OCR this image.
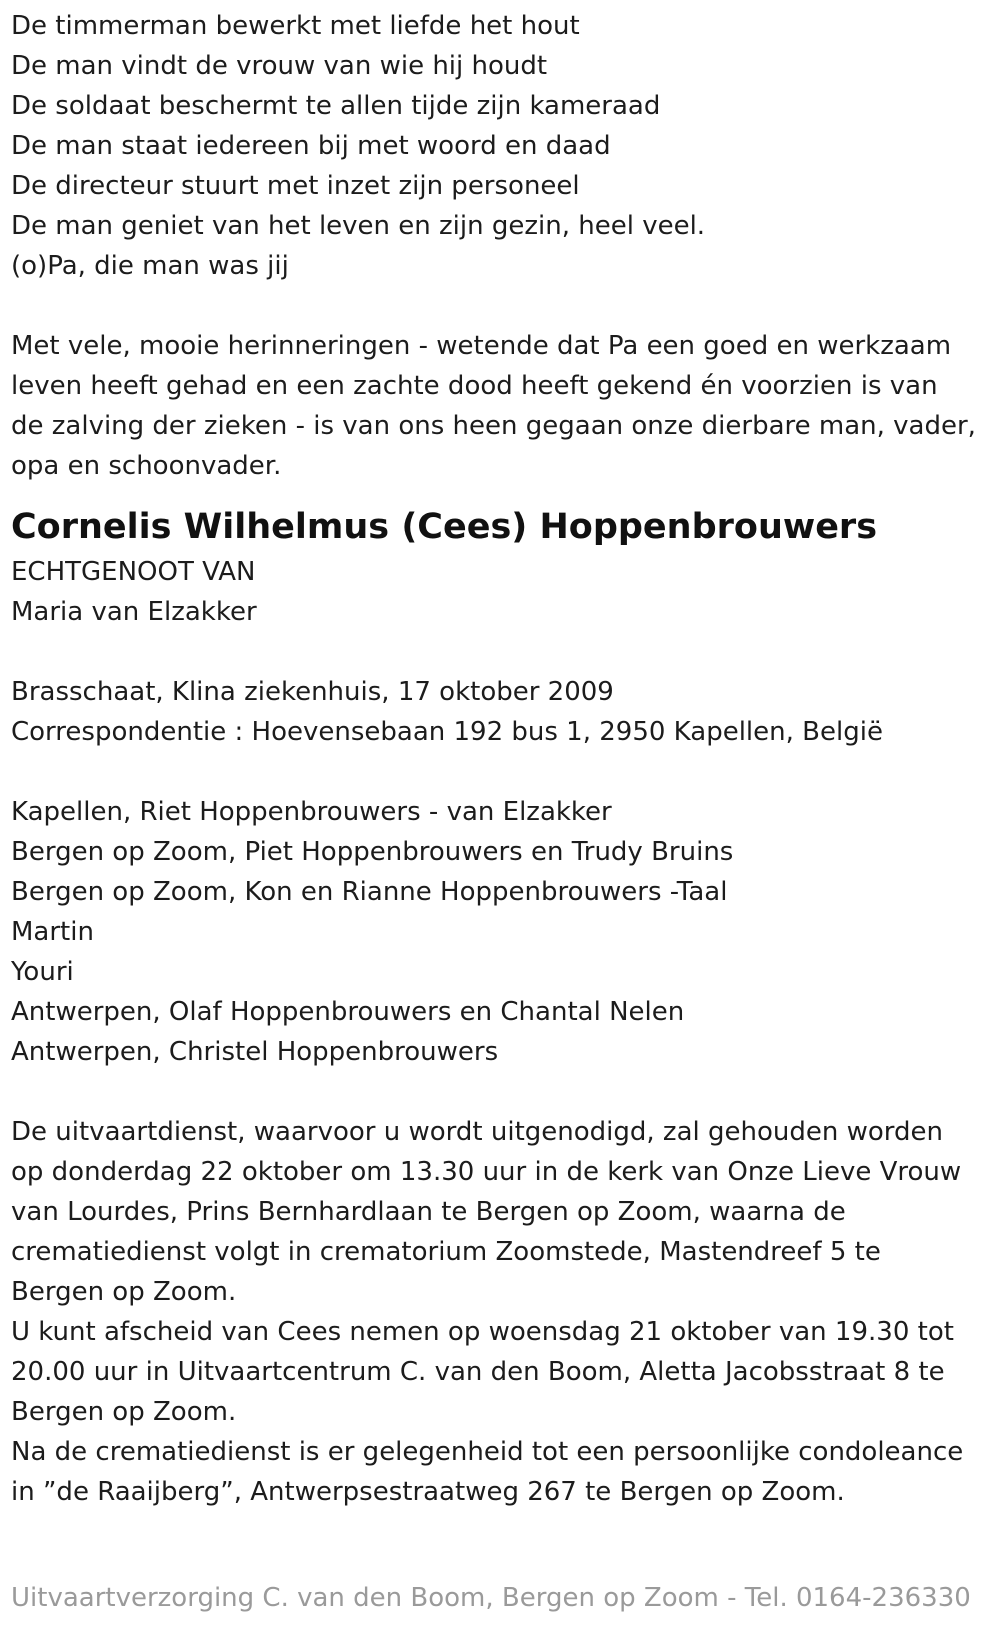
De timmerman bewerkt met liefde het hout
De man vindt de vrouw van wie hij houdt
De soldaat beschermt te allen tijde zijn kameraad
De man staat iedereen bij met woord en daad
De directeur stuurt met inzet zijn personeel
De man geniet van het leven en zijn gezin, heel veel.
(o)Pa, die man was jij
Met vele, mooie herinneringen - wetende dat Pa een goed en werkzaam
leven heeft gehad en een zachte dood heeft gekend én voorzien is van
de zalving der zieken - is van ons heen gegaan onze dierbare man, vader,
opa en schoonvader.
Cornelis Wilhelmus (Cees) Hoppenbrouwers
ECHTGENOOT VAN
Maria van Elzakker
Brasschaat, Klina ziekenhuis, 17 oktober 2009
Correspondentie : Hoevensebaan 192 bus 1, 2950 Kapellen, België
Kapellen, Riet Hoppenbrouwers - van Elzakker
Bergen op Zoom, Piet Hoppenbrouwers en Trudy Bruins
Bergen op Zoom, Kon en Rianne Hoppenbrouwers -Taal
Martin
Youri
Antwerpen, Olaf Hoppenbrouwers en Chantal Nelen
Antwerpen, Christel Hoppenbrouwers
De uitvaartdienst, waarvoor u wordt uitgenodigd, zal gehouden worden
op donderdag 22 oktober om 13.30 uur in de kerk van Onze Lieve Vrouw
van Lourdes, Prins Bernhardlaan te Bergen op Zoom, waarna de
crematiedienst volgt in crematorium Zoomstede, Mastendreef 5 te
Bergen op Zoom.
U kunt afscheid van Cees nemen op woensdag 21 oktober van 19.30 tot
20.00 uur in Uitvaartcentrum C. van den Boom, Aletta Jacobsstraat 8 te
Bergen op Zoom.
Na de crematiedienst is er gelegenheid tot een persoonlijke condoleance
in ”de Raaijberg”, Antwerpsestraatweg 267 te Bergen op Zoom.
Uitvaartverzorging C. van den Boom, Bergen op Zoom - Tel. 0164-236330
